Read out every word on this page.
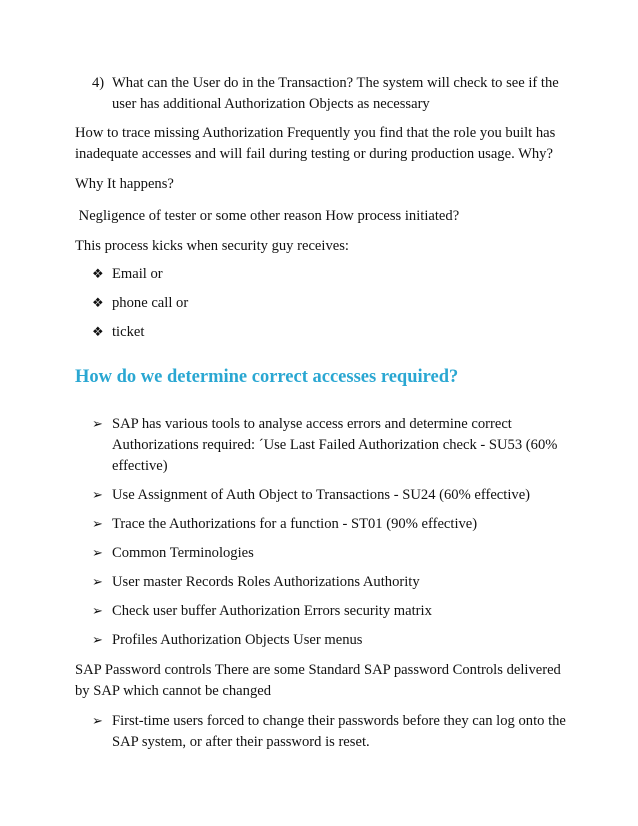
4) What can the User do in the Transaction? The system will check to see if the user has additional Authorization Objects as necessary
How to trace missing Authorization Frequently you find that the role you built has inadequate accesses and will fail during testing or during production usage. Why?
Why It happens?
Negligence of tester or some other reason How process initiated?
This process kicks when security guy receives:
❖ Email or
❖ phone call or
❖ ticket
How do we determine correct accesses required?
➢ SAP has various tools to analyse access errors and determine correct Authorizations required: ´Use Last Failed Authorization check - SU53 (60% effective)
➢ Use Assignment of Auth Object to Transactions - SU24 (60% effective)
➢ Trace the Authorizations for a function - ST01 (90% effective)
➢ Common Terminologies
➢ User master Records Roles Authorizations Authority
➢ Check user buffer Authorization Errors security matrix
➢ Profiles Authorization Objects User menus
SAP Password controls There are some Standard SAP password Controls delivered by SAP which cannot be changed
➢ First-time users forced to change their passwords before they can log onto the SAP system, or after their password is reset.
